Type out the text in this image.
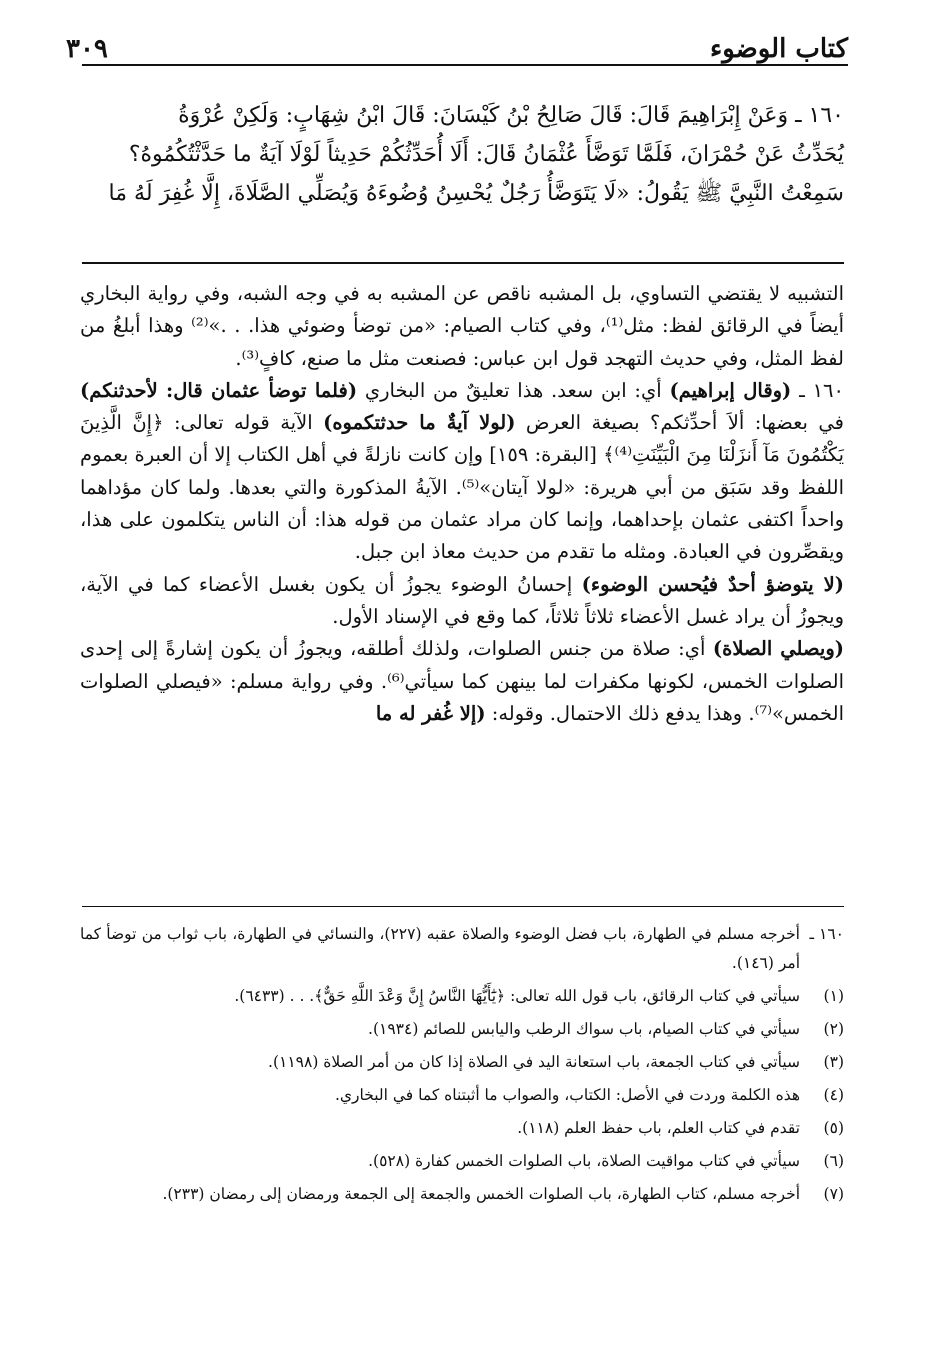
كتاب الوضوء
٣٠٩

١٦٠ ـ وَعَنْ إِبْرَاهِيمَ قَالَ: قَالَ صَالِحُ بْنُ كَيْسَانَ: قَالَ ابْنُ شِهَابٍ: وَلَكِنْ عُرْوَةُ

يُحَدِّثُ عَنْ حُمْرَانَ، فَلَمَّا تَوَضَّأَ عُثْمَانُ قَالَ: أَلَا أُحَدِّثُكُمْ حَدِيثاً لَوْلَا آيَةٌ ما حَدَّثْتُكُمُوهُ؟

سَمِعْتُ النَّبِيَّ ﷺ يَقُولُ: «لَا يَتَوَضَّأُ رَجُلٌ يُحْسِنُ وُضُوءَهُ وَيُصَلِّي الصَّلَاةَ، إِلَّا غُفِرَ لَهُ مَا

التشبيه لا يقتضي التساوي، بل المشبه ناقص عن المشبه به في وجه الشبه، وفي رواية البخاري أيضاً في الرقائق لفظ: مثل⁽¹⁾، وفي كتاب الصيام: «من توضأ وضوئي هذا. . .»⁽²⁾ وهذا أبلغُ من لفظ المثل، وفي حديث التهجد قول ابن عباس: فصنعت مثل ما صنع، كافٍ⁽³⁾.

١٦٠ ـ (وقال إبراهيم) أي: ابن سعد. هذا تعليقٌ من البخاري (فلما توضأ عثمان قال: لأحدثنكم) في بعضها: ألاَ أحدِّثكم؟ بصيغة العرض (لولا آيةٌ ما حدثتكموه) الآية قوله تعالى: ﴿إِنَّ الَّذِينَ يَكْتُمُونَ مَآ أَنزَلْنَا مِنَ الْبَيِّنَتِ⁽⁴⁾﴾ [البقرة: ١٥٩] وإن كانت نازلةً في أهل الكتاب إلا أن العبرة بعموم اللفظ وقد سَبَق من أبي هريرة: «لولا آيتان»⁽⁵⁾. الآيةُ المذكورة والتي بعدها. ولما كان مؤداهما واحداً اكتفى عثمان بإحداهما، وإنما كان مراد عثمان من قوله هذا: أن الناس يتكلمون على هذا، ويقصِّرون في العبادة. ومثله ما تقدم من حديث معاذ ابن جبل.

(لا يتوضؤ أحدٌ فيُحسن الوضوء) إحسانُ الوضوء يجوزُ أن يكون بغسل الأعضاء كما في الآية، ويجوزُ أن يراد غسل الأعضاء ثلاثاً ثلاثاً، كما وقع في الإسناد الأول.

(ويصلي الصلاة) أي: صلاة من جنس الصلوات، ولذلك أطلقه، ويجوزُ أن يكون إشارةً إلى إحدى الصلوات الخمس، لكونها مكفرات لما بينهن كما سيأتي⁽⁶⁾. وفي رواية مسلم: «فيصلي الصلوات الخمس»⁽⁷⁾. وهذا يدفع ذلك الاحتمال. وقوله: (إلا غُفر له ما

١٦٠ ـ
أخرجه مسلم في الطهارة، باب فضل الوضوء والصلاة عقبه (٢٢٧)، والنسائي في الطهارة، باب ثواب من توضأ كما أمر (١٤٦).
(١)
سيأتي في كتاب الرقائق، باب قول الله تعالى: ﴿يَٰٓأَيُّهَا النَّاسُ إِنَّ وَعْدَ اللَّهِ حَقٌّ﴾. . . (٦٤٣٣).
(٢)
سيأتي في كتاب الصيام، باب سواك الرطب واليابس للصائم (١٩٣٤).
(٣)
سيأتي في كتاب الجمعة، باب استعانة اليد في الصلاة إذا كان من أمر الصلاة (١١٩٨).
(٤)
هذه الكلمة وردت في الأصل: الكتاب، والصواب ما أثبتناه كما في البخاري.
(٥)
تقدم في كتاب العلم، باب حفظ العلم (١١٨).
(٦)
سيأتي في كتاب مواقيت الصلاة، باب الصلوات الخمس كفارة (٥٢٨).
(٧)
أخرجه مسلم، كتاب الطهارة، باب الصلوات الخمس والجمعة إلى الجمعة ورمضان إلى رمضان (٢٣٣).
